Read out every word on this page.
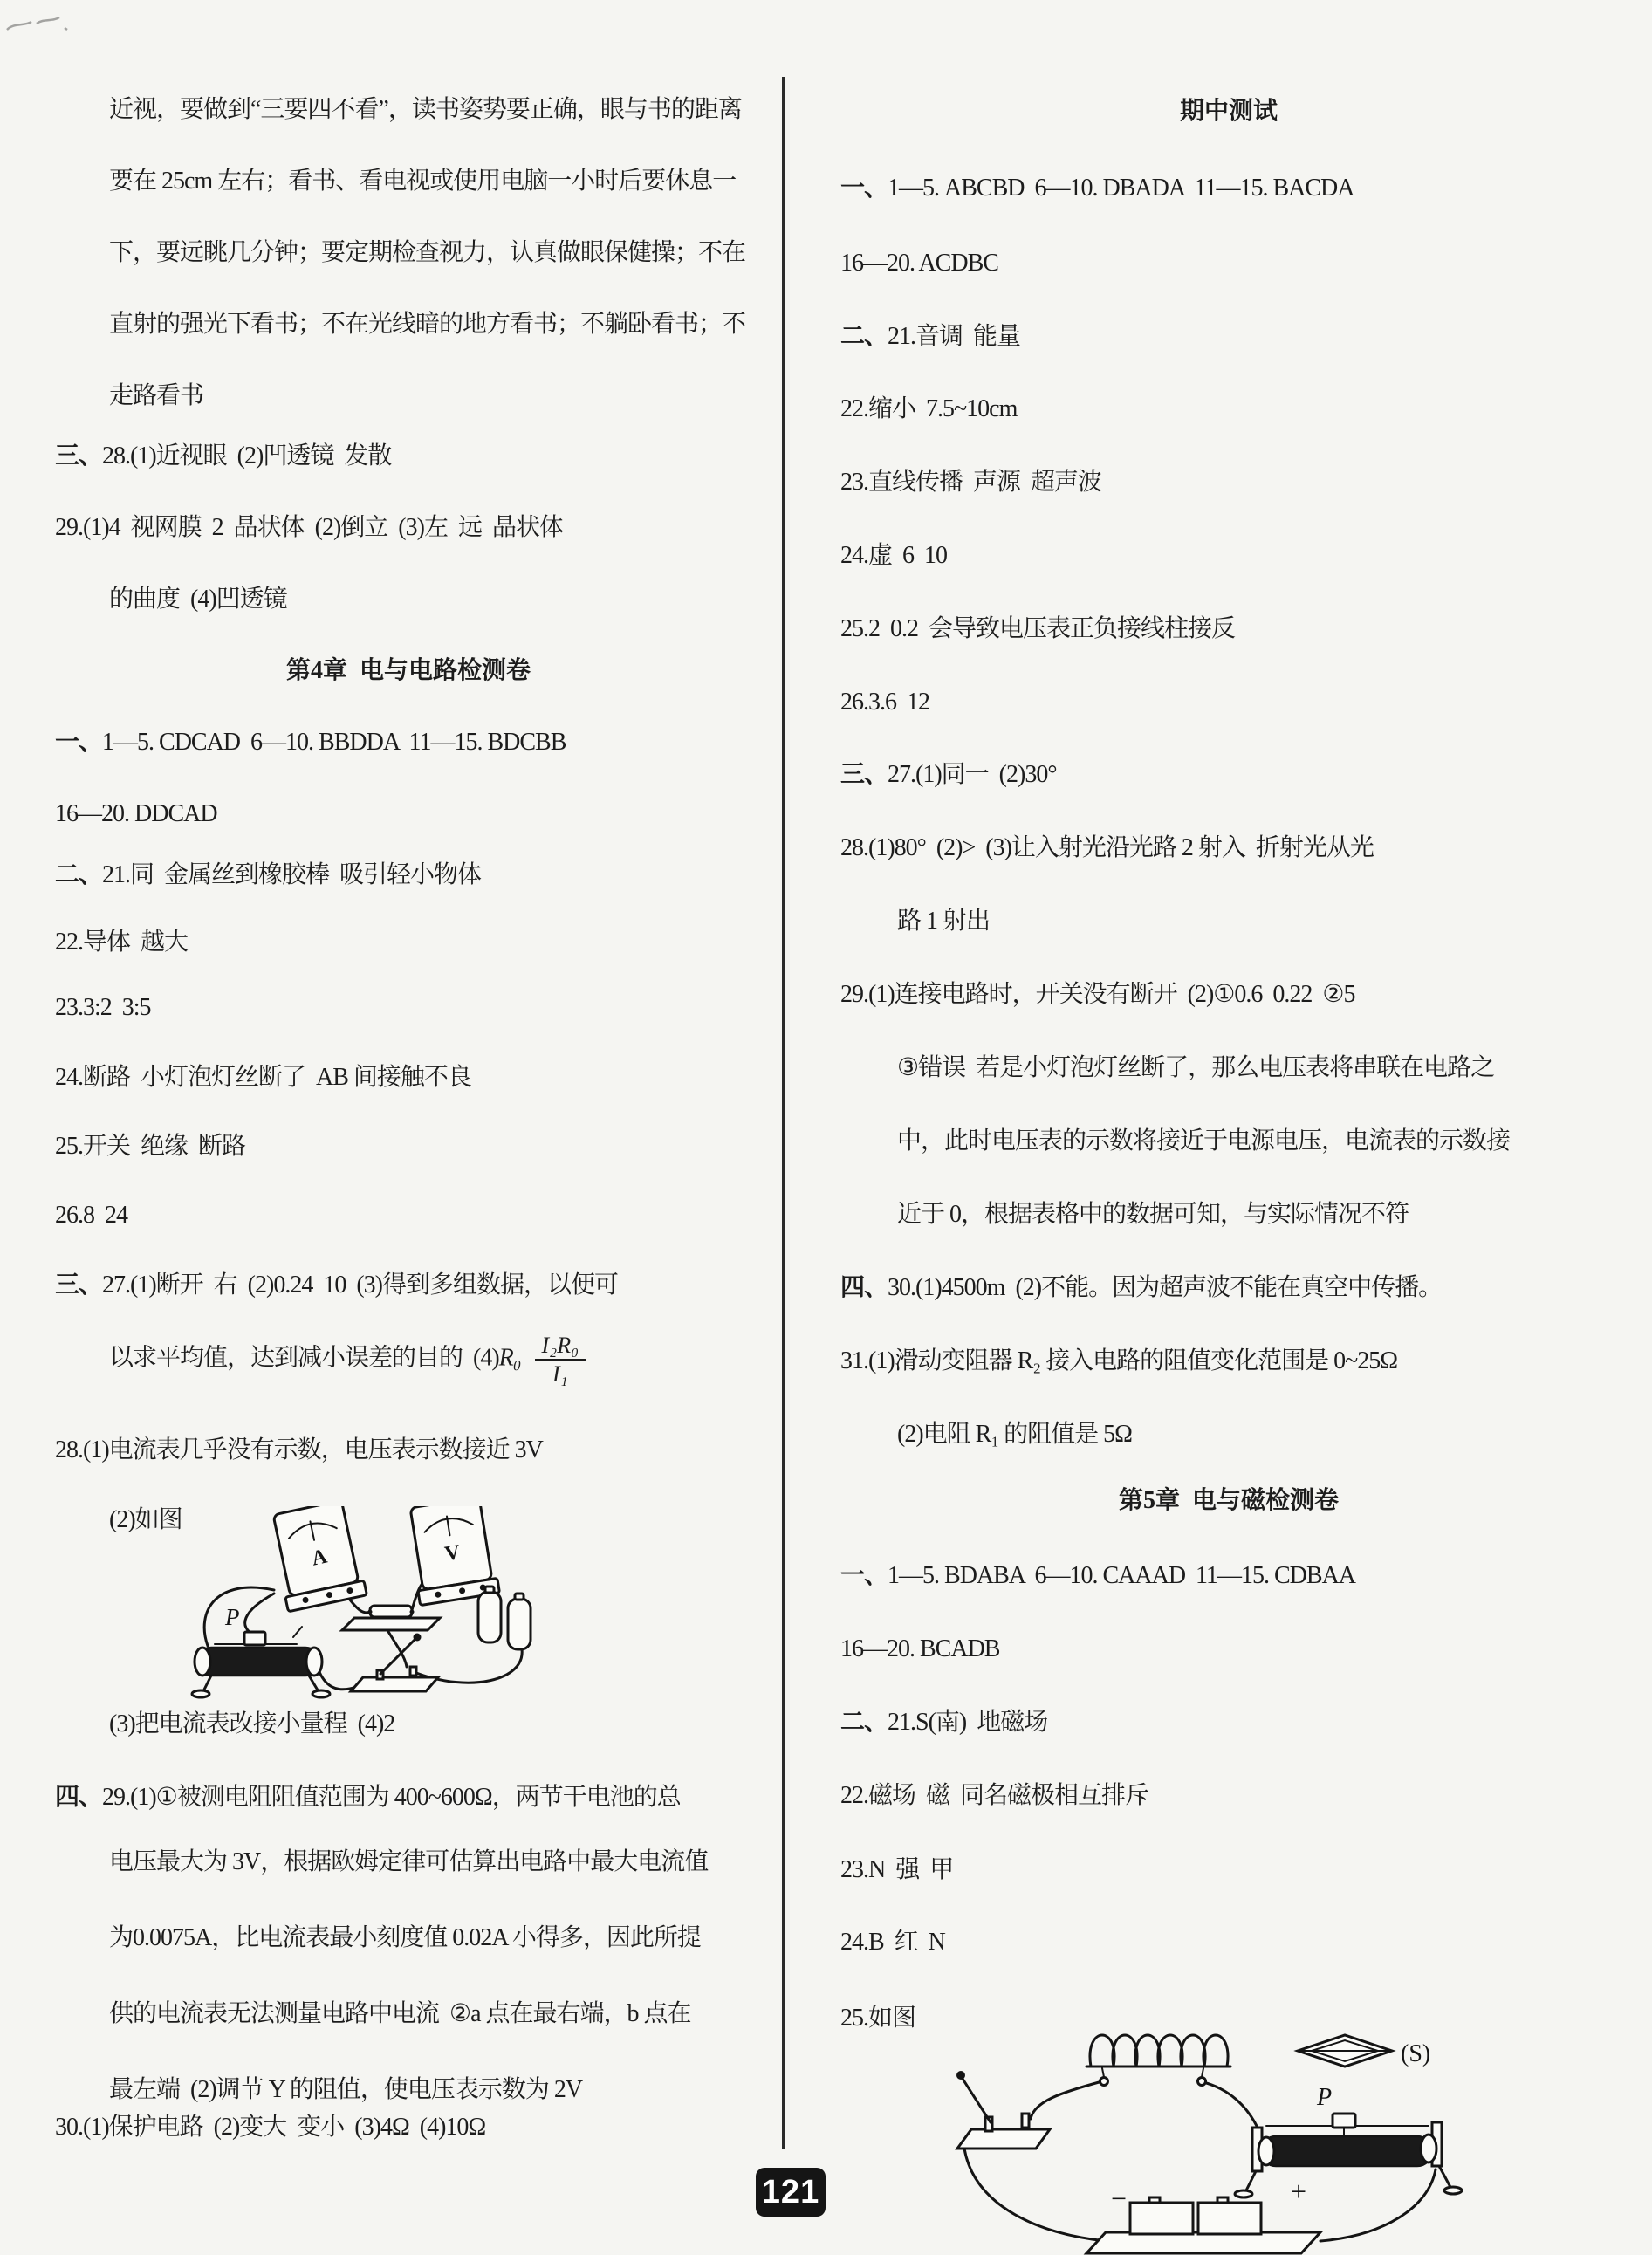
近视，要做到“三要四不看”，读书姿势要正确，眼与书的距离
要在 25cm 左右；看书、看电视或使用电脑一小时后要休息一
下，要远眺几分钟；要定期检查视力，认真做眼保健操；不在
直射的强光下看书；不在光线暗的地方看书；不躺卧看书；不
走路看书
三、28.(1)近视眼  (2)凹透镜  发散
29.(1)4  视网膜  2  晶状体  (2)倒立  (3)左  远  晶状体
的曲度  (4)凹透镜
第4章  电与电路检测卷
一、1—5. CDCAD  6—10. BBDDA  11—15. BDCBB
16—20. DDCAD
二、21.同  金属丝到橡胶棒  吸引轻小物体
22.导体  越大
23.3:2  3:5
24.断路  小灯泡灯丝断了  AB 间接触不良
25.开关  绝缘  断路
26.8  24
三、27.(1)断开  右  (2)0.24  10  (3)得到多组数据，以便可
以求平均值，达到减小误差的目的  $(4)R_0 \frac{\text{I₂R₀}}{\text{I₁}}$
28.(1)电流表几乎没有示数，电压表示数接近 3V
(2)如图
P
A	V
(3)把电流表改接小量程  (4)2
四、29.(1)①被测电阻阻值范围为 400~600Ω，两节干电池的总
电压最大为 3V，根据欧姆定律可估算出电路中最大电流值
为0.0075A，比电流表最小刻度值 0.02A 小得多，因此所提
供的电流表无法测量电路中电流  ②a 点在最右端，b 点在
最左端  (2)调节 Y 的阻值，使电压表示数为 2V
30.(1)保护电路  (2)变大  变小  (3)4Ω  (4)10Ω
期中测试
一、1—5. ABCBD  6—10. DBADA  11—15. BACDA
16—20. ACDBC
二、21.音调  能量
22.缩小  7.5~10cm
23.直线传播  声源  超声波
24.虚  6  10
25.2  0.2  会导致电压表正负接线柱接反
26.3.6  12
三、27.(1)同一  (2)30°
28.(1)80°  (2)>  (3)让入射光沿光路 2 射入  折射光从光
路 1 射出
29.(1)连接电路时，开关没有断开  (2)①0.6  0.22  ②5
③错误  若是小灯泡灯丝断了，那么电压表将串联在电路之
中，此时电压表的示数将接近于电源电压，电流表的示数接
近于 0，根据表格中的数据可知，与实际情况不符
四、30.(1)4500m  (2)不能。因为超声波不能在真空中传播。
31.(1)滑动变阻器 R₂ 接入电路的阻值变化范围是 0~25Ω
(2)电阻 R₁ 的阻值是 5Ω
第5章  电与磁检测卷
一、1—5. BDABA  6—10. CAAAD  11—15. CDBAA
16—20. BCADB
二、21.S(南)  地磁场
22.磁场  磁  同名磁极相互排斥
23.N  强  甲
24.B  红  N
25.如图
(S)
P
−	+
121
